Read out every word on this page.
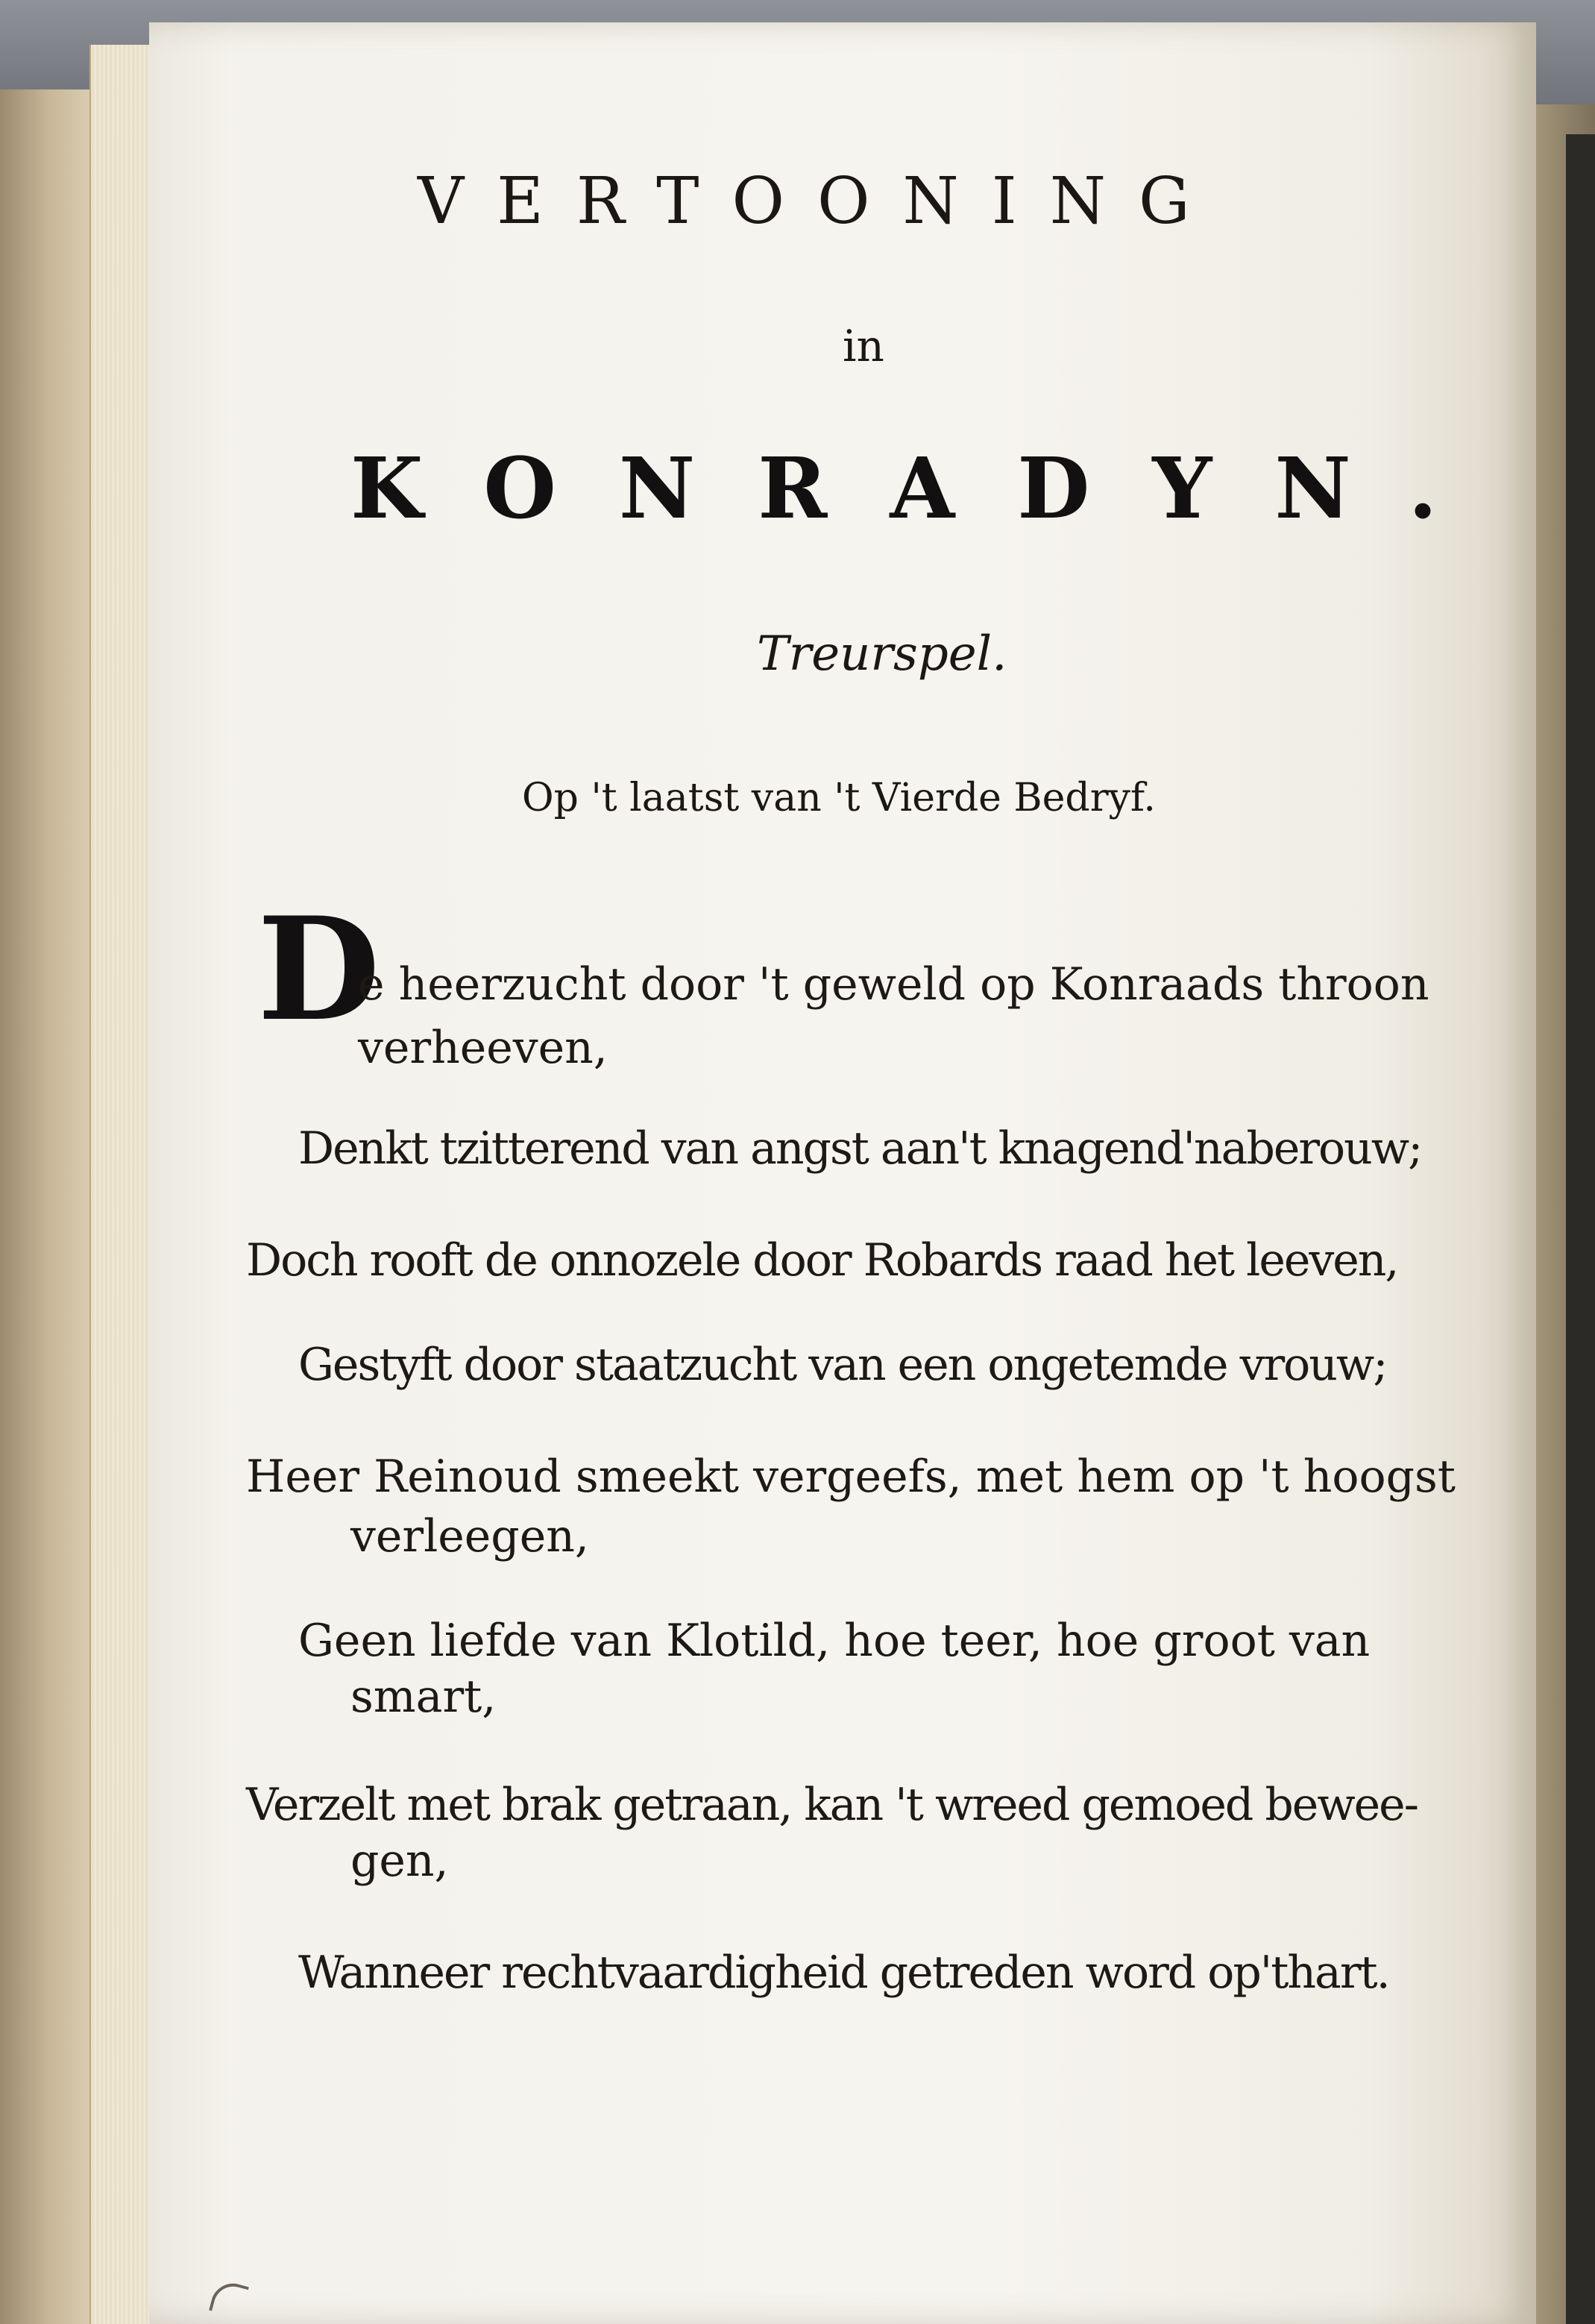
VERTOONING
in
KONRADYN.
Treurspel.
Op 't laatst van 't Vierde Bedryf.
D
e heerzucht door 't geweld op Konraads throon
verheeven,
Denkt tzitterend van angst aan't knagend'naberouw;
Doch rooft de onnozele door Robards raad het leeven,
Gestyft door staatzucht van een ongetemde vrouw;
Heer Reinoud smeekt vergeefs, met hem op 't hoogst
verleegen,
Geen liefde van Klotild, hoe teer, hoe groot van
smart,
Verzelt met brak getraan, kan 't wreed gemoed bewee-
gen,
Wanneer rechtvaardigheid getreden word op'thart.
